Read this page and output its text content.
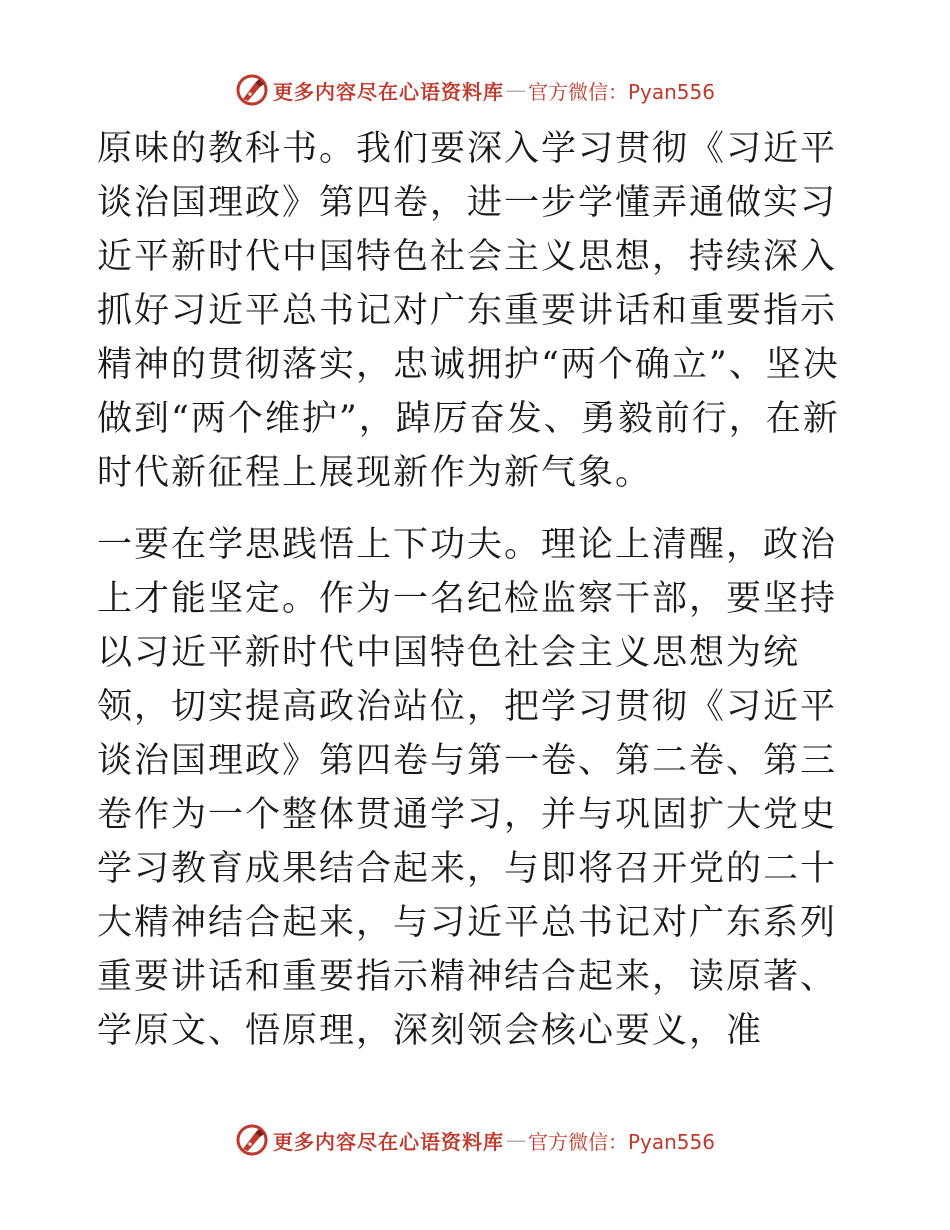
更多内容尽在心语资料库 — 官方微信：Pyan556

原味的教科书。我们要深入学习贯彻《习近平谈治国理政》第四卷，进一步学懂弄通做实习近平新时代中国特色社会主义思想，持续深入抓好习近平总书记对广东重要讲话和重要指示精神的贯彻落实，忠诚拥护“两个确立”、坚决做到“两个维护”，踔厉奋发、勇毅前行，在新时代新征程上展现新作为新气象。

一要在学思践悟上下功夫。理论上清醒，政治上才能坚定。作为一名纪检监察干部，要坚持以习近平新时代中国特色社会主义思想为统领，切实提高政治站位，把学习贯彻《习近平谈治国理政》第四卷与第一卷、第二卷、第三卷作为一个整体贯通学习，并与巩固扩大党史学习教育成果结合起来，与即将召开党的二十大精神结合起来，与习近平总书记对广东系列重要讲话和重要指示精神结合起来，读原著、学原文、悟原理，深刻领会核心要义，准

更多内容尽在心语资料库 — 官方微信：Pyan556
